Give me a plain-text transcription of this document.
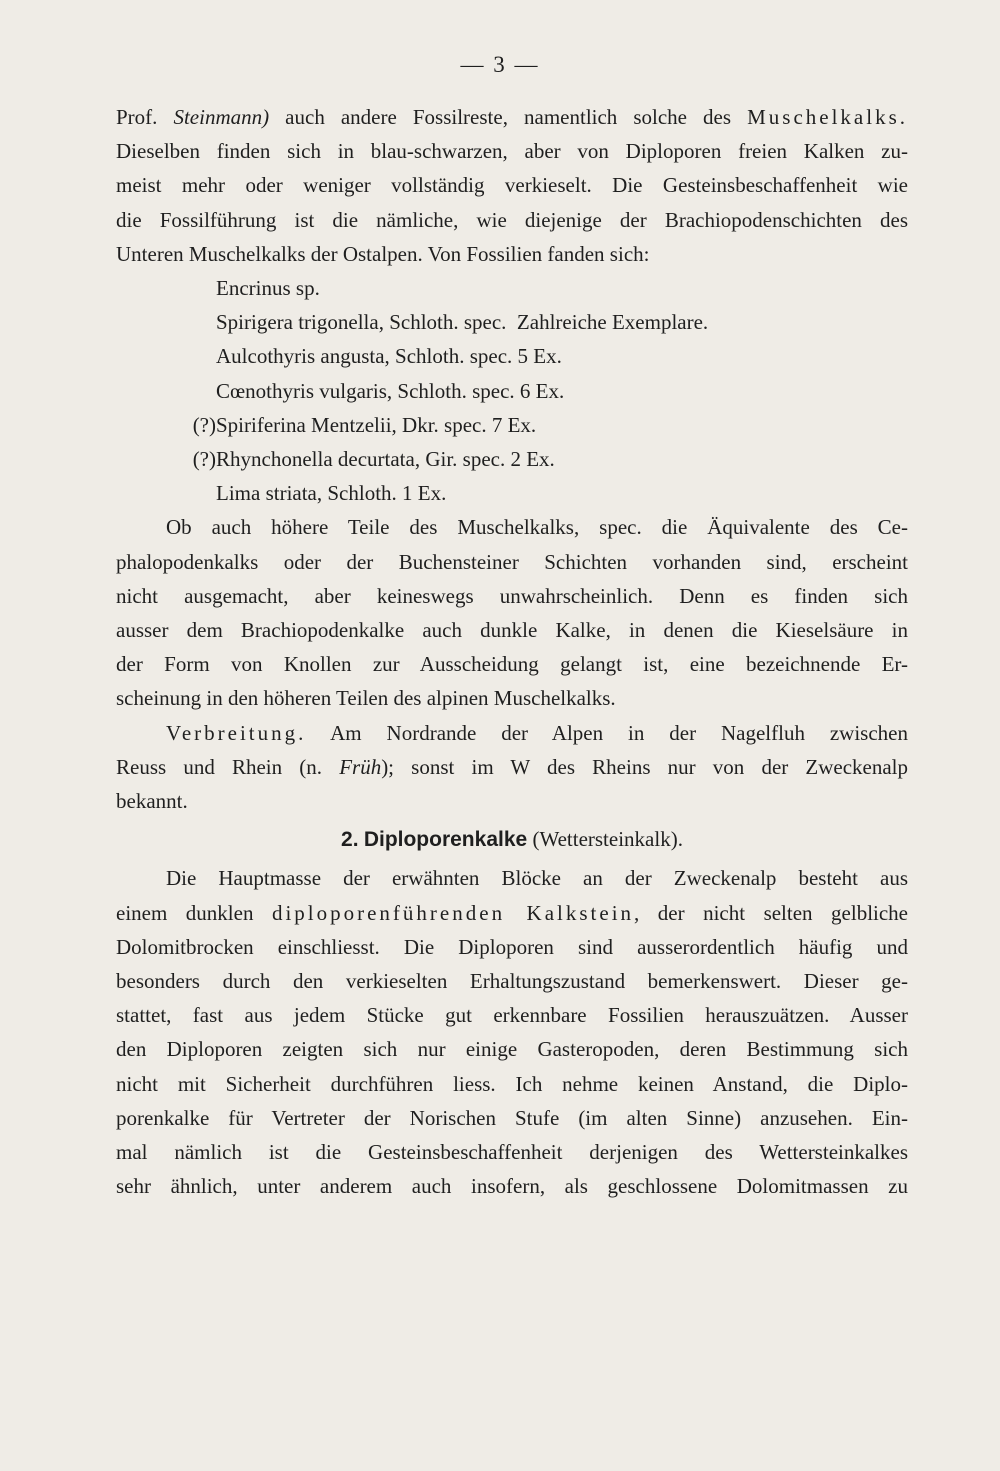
— 3 —

Prof. Steinmann) auch andere Fossilreste, namentlich solche des Muschelkalks.
Dieselben finden sich in blau-schwarzen, aber von Diploporen freien Kalken zu-
meist mehr oder weniger vollständig verkieselt. Die Gesteinsbeschaffenheit wie
die Fossilführung ist die nämliche, wie diejenige der Brachiopodenschichten des
Unteren Muschelkalks der Ostalpen. Von Fossilien fanden sich:

Encrinus sp.
Spirigera trigonella, Schloth. spec.  Zahlreiche Exemplare.
Aulcothyris angusta, Schloth. spec. 5 Ex.
Cœnothyris vulgaris, Schloth. spec. 6 Ex.
(?) Spiriferina Mentzelii, Dkr. spec. 7 Ex.
(?) Rhynchonella decurtata, Gir. spec. 2 Ex.
Lima striata, Schloth. 1 Ex.

Ob auch höhere Teile des Muschelkalks, spec. die Äquivalente des Ce-
phalopodenkalks oder der Buchensteiner Schichten vorhanden sind, erscheint
nicht ausgemacht, aber keineswegs unwahrscheinlich. Denn es finden sich
ausser dem Brachiopodenkalke auch dunkle Kalke, in denen die Kieselsäure in
der Form von Knollen zur Ausscheidung gelangt ist, eine bezeichnende Er-
scheinung in den höheren Teilen des alpinen Muschelkalks.

Verbreitung. Am Nordrande der Alpen in der Nagelfluh zwischen
Reuss und Rhein (n. Früh); sonst im W des Rheins nur von der Zweckenalp
bekannt.

2. Diploporenkalke (Wettersteinkalk).

Die Hauptmasse der erwähnten Blöcke an der Zweckenalp besteht aus
einem dunklen diploporenführenden Kalkstein, der nicht selten gelbliche
Dolomitbrocken einschliesst. Die Diploporen sind ausserordentlich häufig und
besonders durch den verkieselten Erhaltungszustand bemerkenswert. Dieser ge-
stattet, fast aus jedem Stücke gut erkennbare Fossilien herauszuätzen. Ausser
den Diploporen zeigten sich nur einige Gasteropoden, deren Bestimmung sich
nicht mit Sicherheit durchführen liess. Ich nehme keinen Anstand, die Diplo-
porenkalke für Vertreter der Norischen Stufe (im alten Sinne) anzusehen. Ein-
mal nämlich ist die Gesteinsbeschaffenheit derjenigen des Wettersteinkalkes
sehr ähnlich, unter anderem auch insofern, als geschlossene Dolomitmassen zu
